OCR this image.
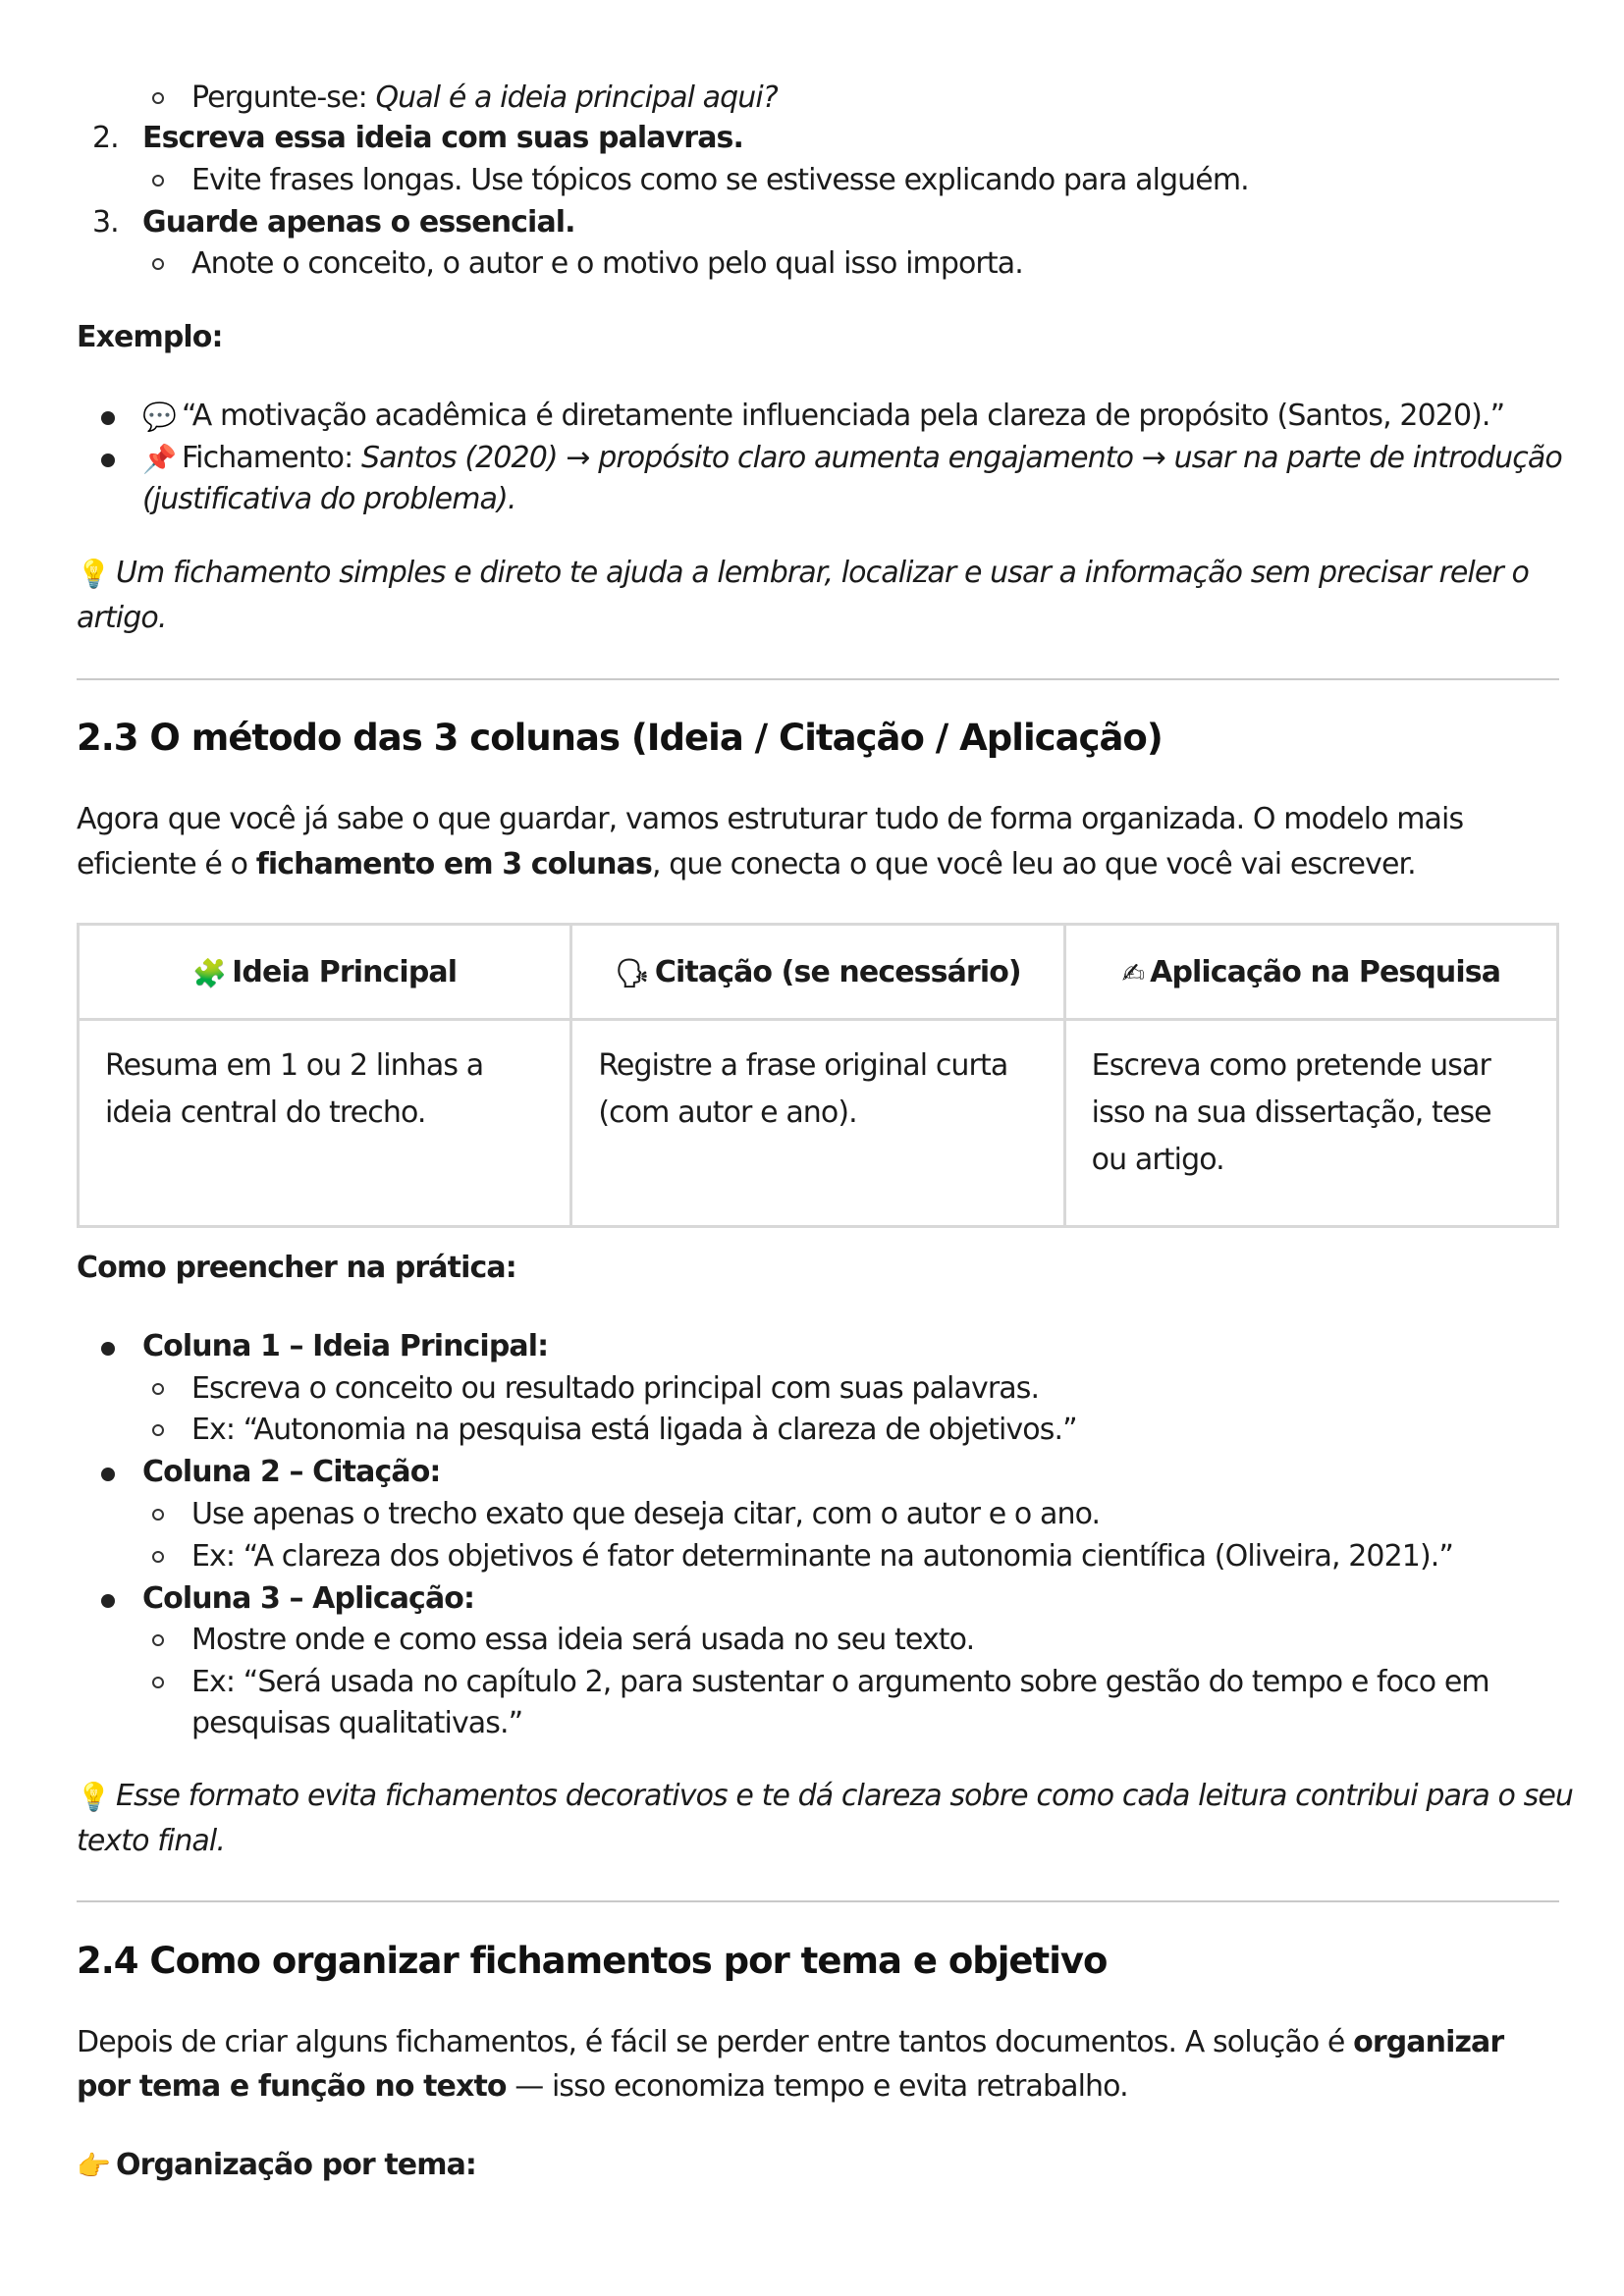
Pergunte-se: Qual é a ideia principal aqui?
2. Escreva essa ideia com suas palavras.
Evite frases longas. Use tópicos como se estivesse explicando para alguém.
3. Guarde apenas o essencial.
Anote o conceito, o autor e o motivo pelo qual isso importa.
Exemplo:
💬 “A motivação acadêmica é diretamente influenciada pela clareza de propósito (Santos, 2020).”
📌 Fichamento: Santos (2020) → propósito claro aumenta engajamento → usar na parte de introdução
(justificativa do problema).
💡 Um fichamento simples e direto te ajuda a lembrar, localizar e usar a informação sem precisar reler o
artigo.
2.3 O método das 3 colunas (Ideia / Citação / Aplicação)
Agora que você já sabe o que guardar, vamos estruturar tudo de forma organizada. O modelo mais
eficiente é o fichamento em 3 colunas, que conecta o que você leu ao que você vai escrever.
🧩 Ideia Principal	🗣 Citação (se necessário)	✍ Aplicação na Pesquisa
Resuma em 1 ou 2 linhas a ideia central do trecho.	Registre a frase original curta (com autor e ano).	Escreva como pretende usar isso na sua dissertação, tese ou artigo.
Como preencher na prática:
Coluna 1 – Ideia Principal:
Escreva o conceito ou resultado principal com suas palavras.
Ex: “Autonomia na pesquisa está ligada à clareza de objetivos.”
Coluna 2 – Citação:
Use apenas o trecho exato que deseja citar, com o autor e o ano.
Ex: “A clareza dos objetivos é fator determinante na autonomia científica (Oliveira, 2021).”
Coluna 3 – Aplicação:
Mostre onde e como essa ideia será usada no seu texto.
Ex: “Será usada no capítulo 2, para sustentar o argumento sobre gestão do tempo e foco em
pesquisas qualitativas.”
💡 Esse formato evita fichamentos decorativos e te dá clareza sobre como cada leitura contribui para o seu
texto final.
2.4 Como organizar fichamentos por tema e objetivo
Depois de criar alguns fichamentos, é fácil se perder entre tantos documentos. A solução é organizar
por tema e função no texto — isso economiza tempo e evita retrabalho.
👉 Organização por tema:
